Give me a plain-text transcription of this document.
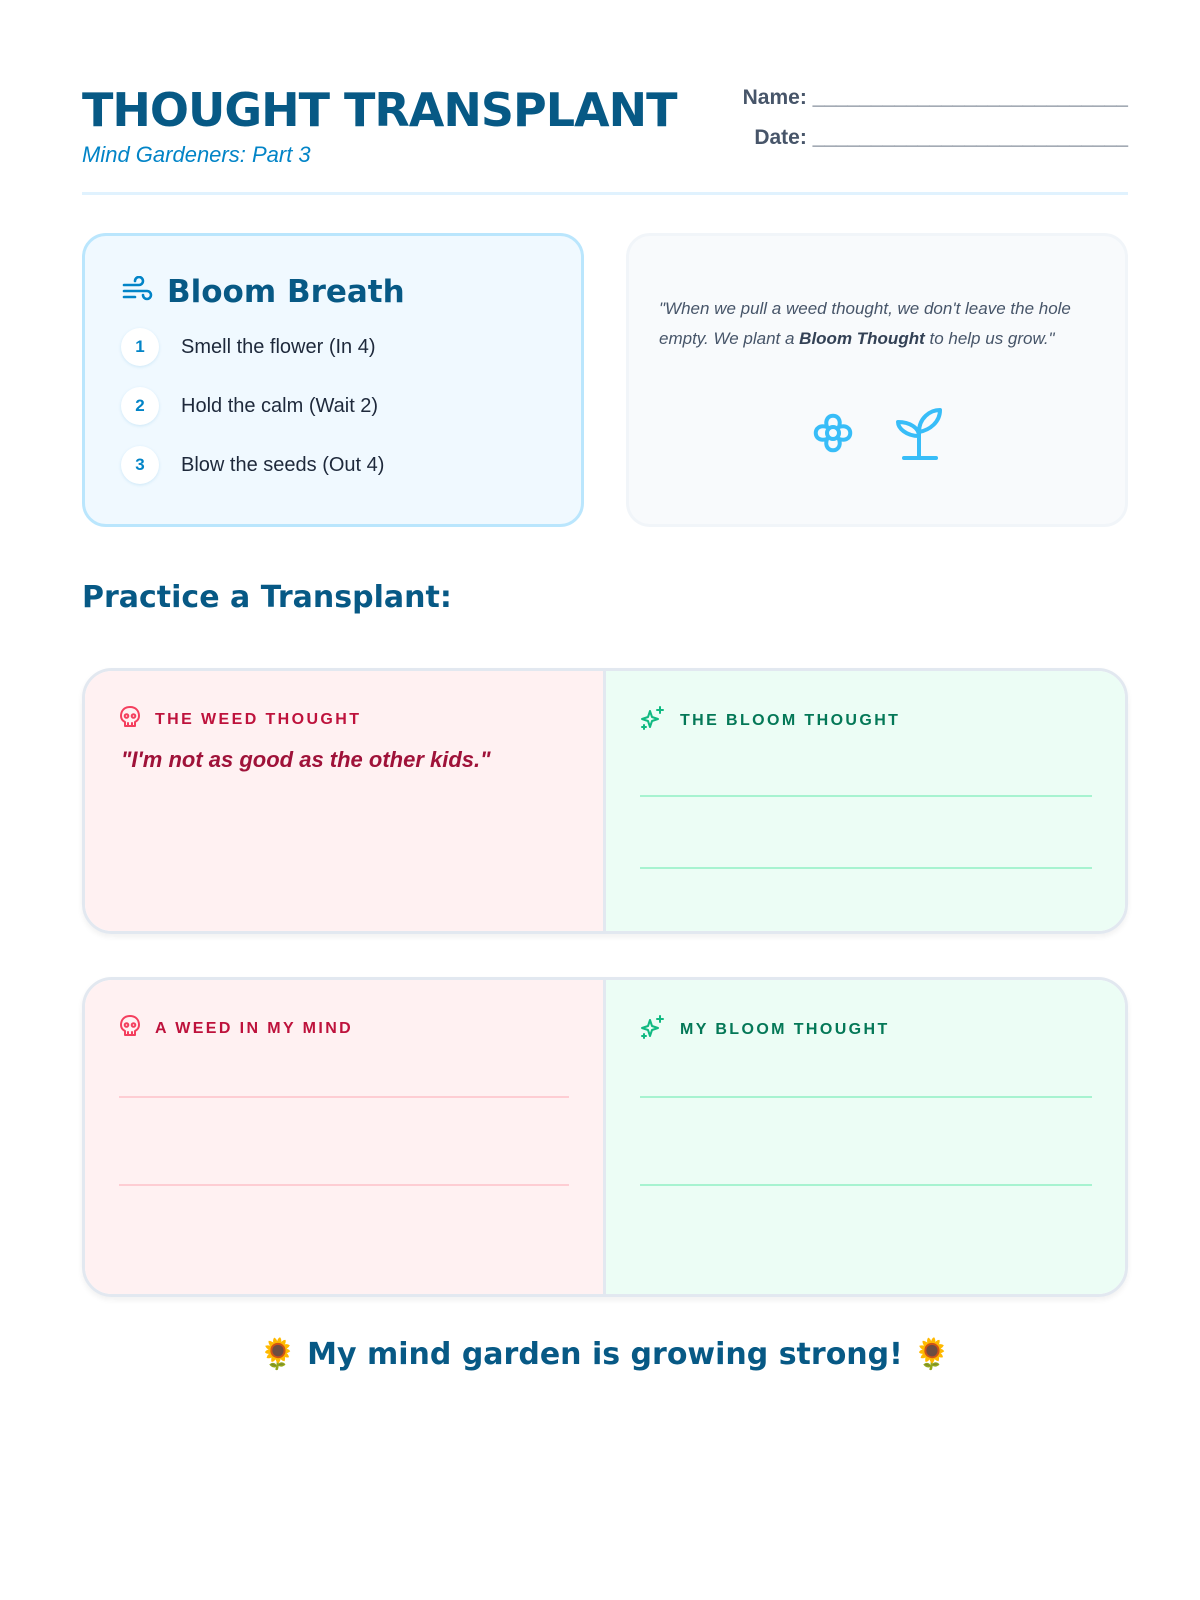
THOUGHT TRANSPLANT
Mind Gardeners: Part 3
Name: ___________________________
Date: ___________________________
Bloom Breath
1	Smell the flower (In 4)
2	Hold the calm (Wait 2)
3	Blow the seeds (Out 4)
"When we pull a weed thought, we don't leave the hole empty. We plant a Bloom Thought to help us grow."
Practice a Transplant:
THE WEED THOUGHT
"I'm not as good as the other kids."
THE BLOOM THOUGHT
A WEED IN MY MIND	MY BLOOM THOUGHT
🌻 My mind garden is growing strong! 🌻
